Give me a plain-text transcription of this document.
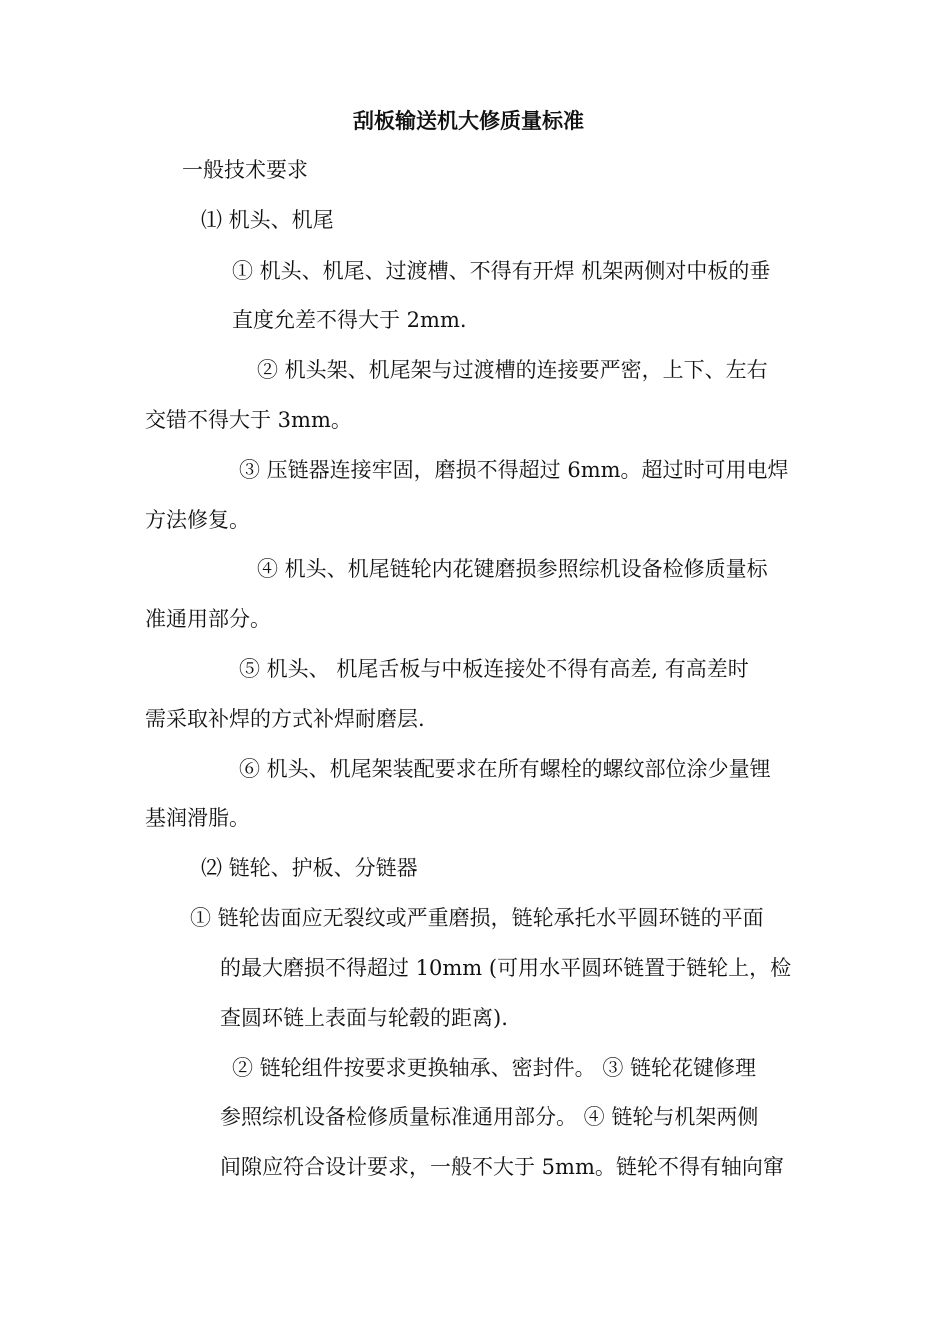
刮板输送机大修质量标准
一般技术要求
⑴ 机头、机尾
① 机头、机尾、过渡槽、不得有开焊 机架两侧对中板的垂
直度允差不得大于 2mm.
② 机头架、机尾架与过渡槽的连接要严密，上下、左右
交错不得大于 3mm。
③ 压链器连接牢固，磨损不得超过 6mm。超过时可用电焊
方法修复。
④ 机头、机尾链轮内花键磨损参照综机设备检修质量标
准通用部分。
⑤ 机头、 机尾舌板与中板连接处不得有高差, 有高差时
需采取补焊的方式补焊耐磨层.
⑥ 机头、机尾架装配要求在所有螺栓的螺纹部位涂少量锂
基润滑脂。
⑵ 链轮、护板、分链器
① 链轮齿面应无裂纹或严重磨损，链轮承托水平圆环链的平面
的最大磨损不得超过 10mm (可用水平圆环链置于链轮上，检
查圆环链上表面与轮毂的距离).
② 链轮组件按要求更换轴承、密封件。 ③ 链轮花键修理
参照综机设备检修质量标准通用部分。 ④ 链轮与机架两侧
间隙应符合设计要求，一般不大于 5mm。链轮不得有轴向窜
